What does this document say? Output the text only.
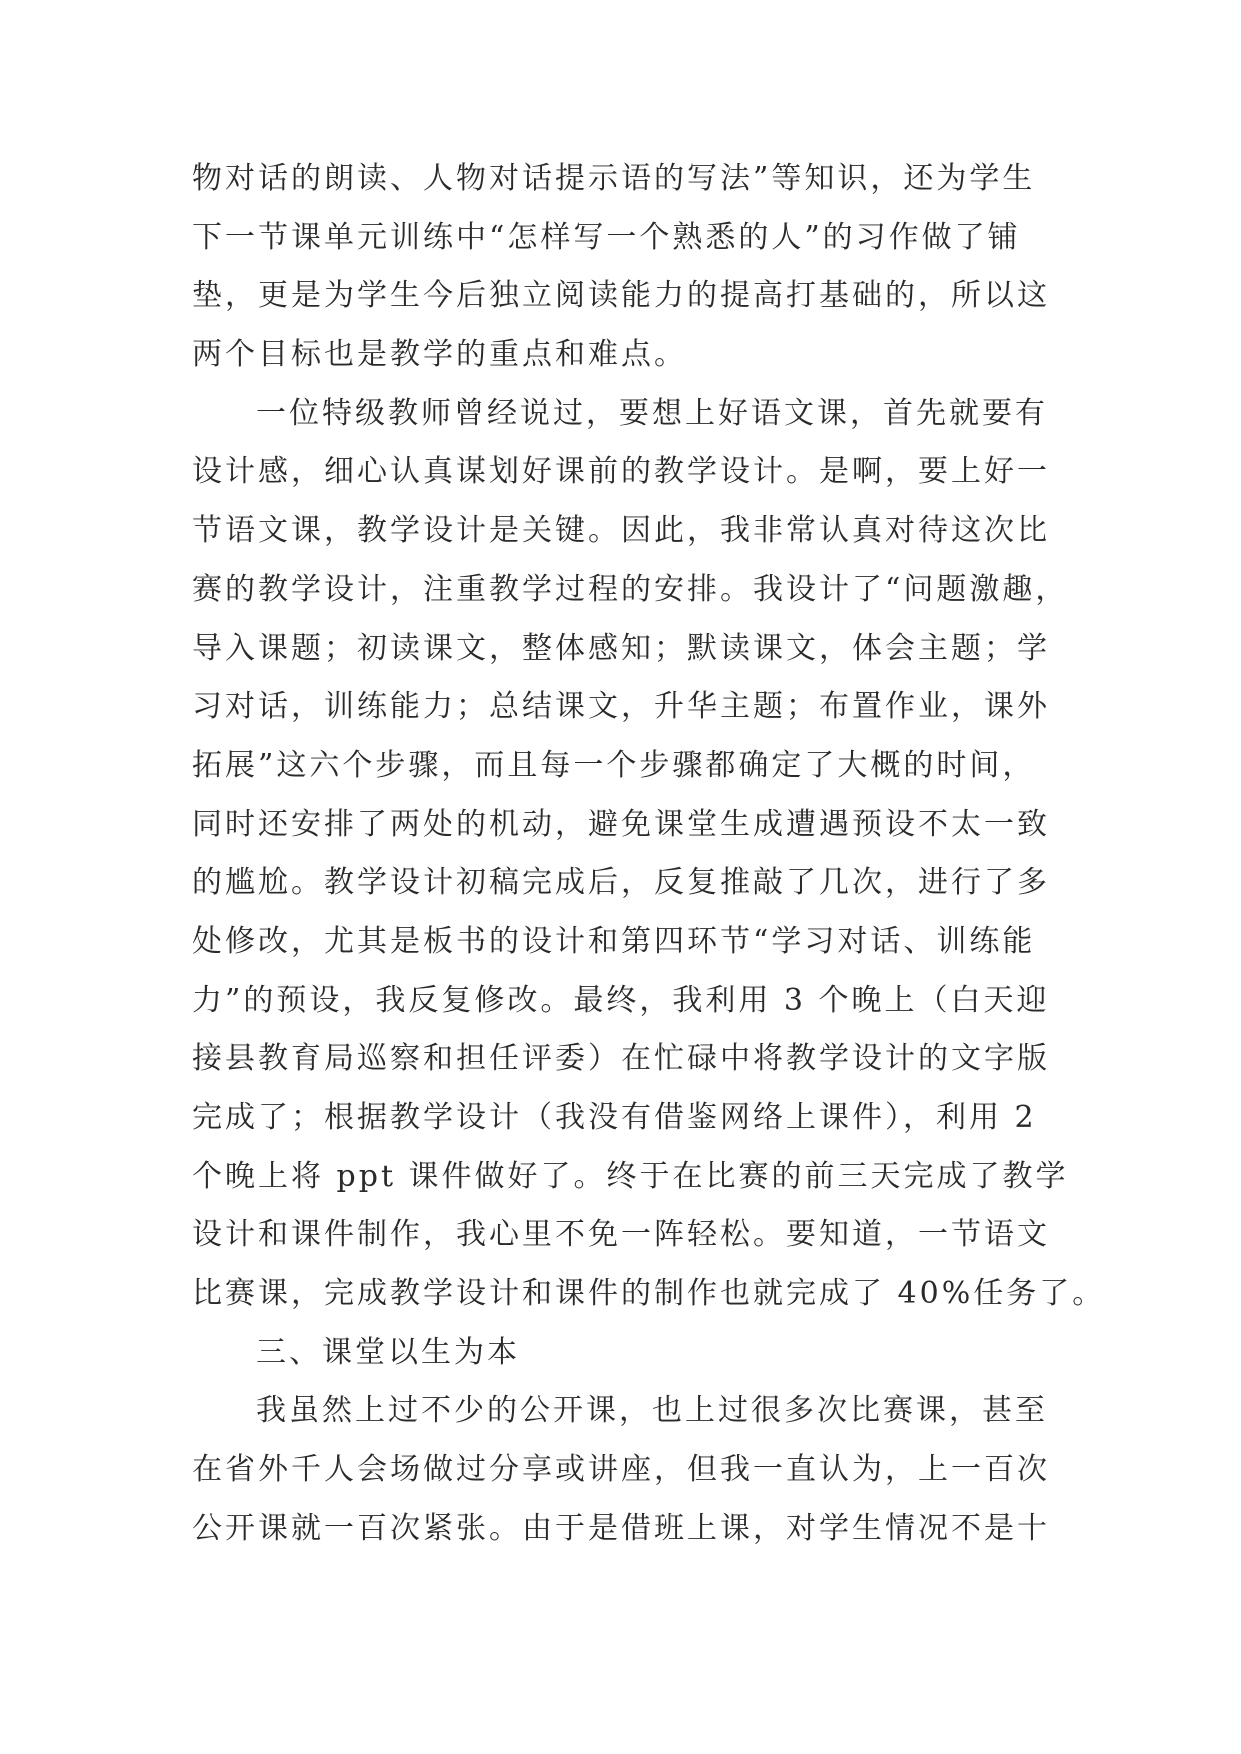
物对话的朗读、人物对话提示语的写法”等知识，还为学生
下一节课单元训练中“怎样写一个熟悉的人”的习作做了铺
垫，更是为学生今后独立阅读能力的提高打基础的，所以这
两个目标也是教学的重点和难点。
一位特级教师曾经说过，要想上好语文课，首先就要有
设计感，细心认真谋划好课前的教学设计。是啊，要上好一
节语文课，教学设计是关键。因此，我非常认真对待这次比
赛的教学设计，注重教学过程的安排。我设计了“问题激趣，
导入课题；初读课文，整体感知；默读课文，体会主题；学
习对话，训练能力；总结课文，升华主题；布置作业，课外
拓展”这六个步骤，而且每一个步骤都确定了大概的时间，
同时还安排了两处的机动，避免课堂生成遭遇预设不太一致
的尴尬。教学设计初稿完成后，反复推敲了几次，进行了多
处修改，尤其是板书的设计和第四环节“学习对话、训练能
力”的预设，我反复修改。最终，我利用 3 个晚上（白天迎
接县教育局巡察和担任评委）在忙碌中将教学设计的文字版
完成了；根据教学设计（我没有借鉴网络上课件），利用 2
个晚上将 ppt 课件做好了。终于在比赛的前三天完成了教学
设计和课件制作，我心里不免一阵轻松。要知道，一节语文
比赛课，完成教学设计和课件的制作也就完成了 40%任务了。
三、课堂以生为本
我虽然上过不少的公开课，也上过很多次比赛课，甚至
在省外千人会场做过分享或讲座，但我一直认为，上一百次
公开课就一百次紧张。由于是借班上课，对学生情况不是十
